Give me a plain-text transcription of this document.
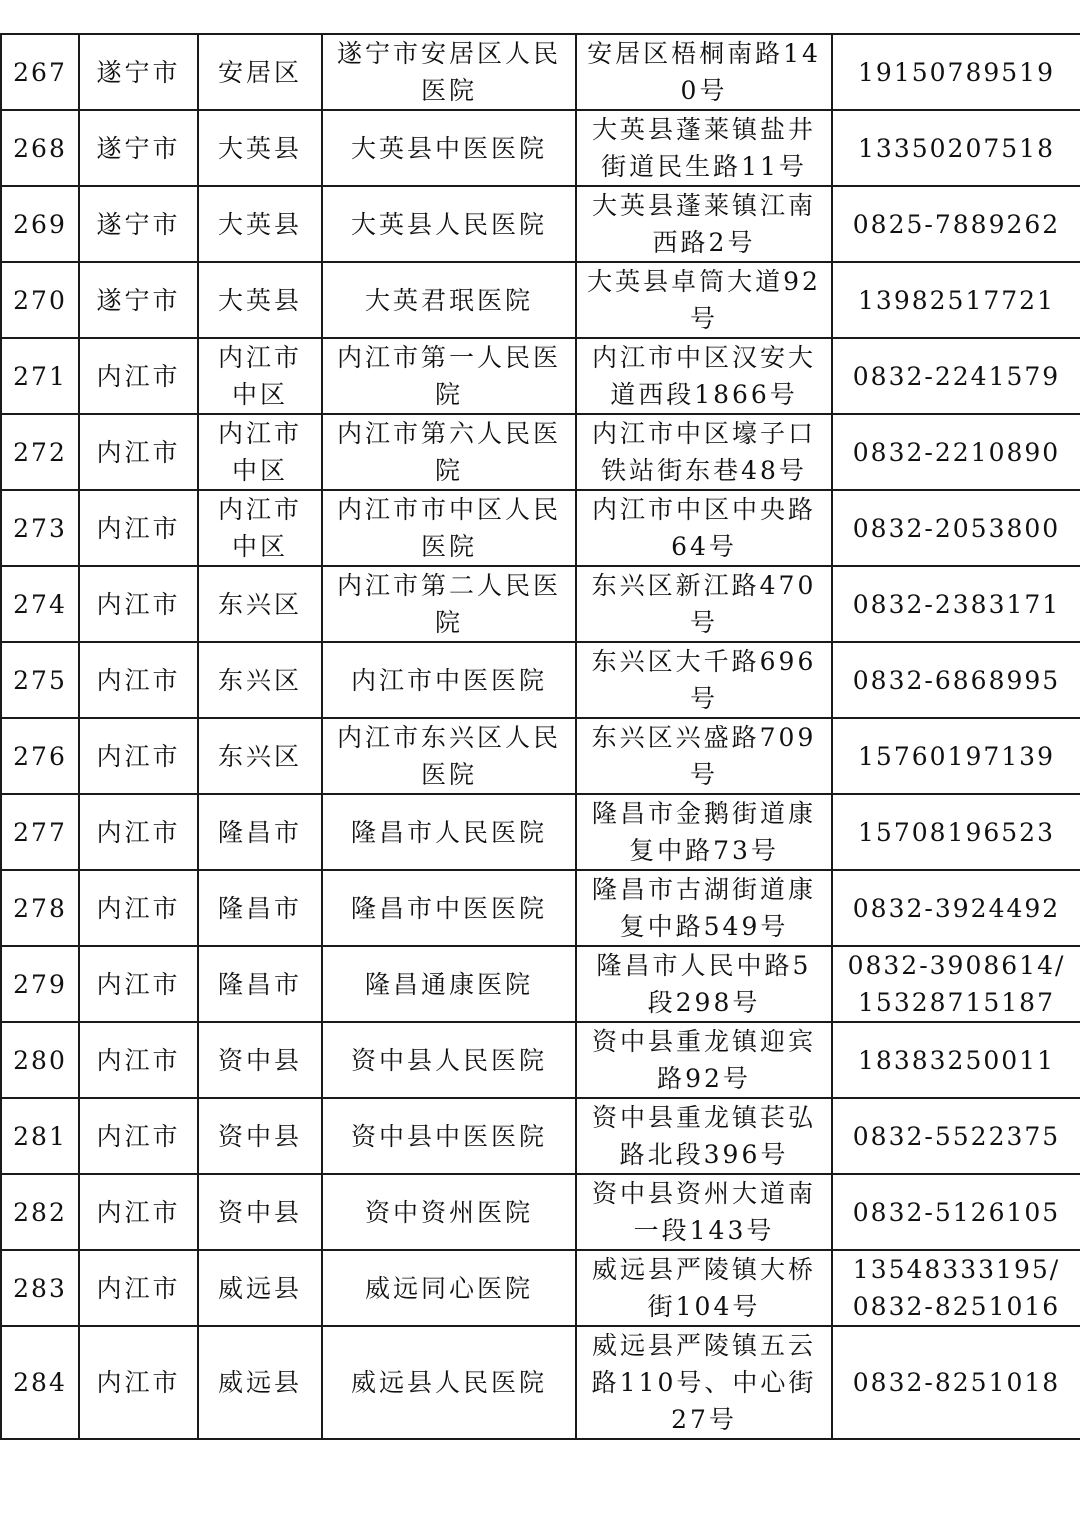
267	遂宁市	安居区	遂宁市安居区人民医院	安居区梧桐南路140号	19150789519
268	遂宁市	大英县	大英县中医医院	大英县蓬莱镇盐井街道民生路11号	13350207518
269	遂宁市	大英县	大英县人民医院	大英县蓬莱镇江南西路2号	0825-7889262
270	遂宁市	大英县	大英君珉医院	大英县卓筒大道92号	13982517721
271	内江市	内江市中区	内江市第一人民医院	内江市中区汉安大道西段1866号	0832-2241579
272	内江市	内江市中区	内江市第六人民医院	内江市中区壕子口铁站街东巷48号	0832-2210890
273	内江市	内江市中区	内江市市中区人民医院	内江市中区中央路64号	0832-2053800
274	内江市	东兴区	内江市第二人民医院	东兴区新江路470号	0832-2383171
275	内江市	东兴区	内江市中医医院	东兴区大千路696号	0832-6868995
276	内江市	东兴区	内江市东兴区人民医院	东兴区兴盛路709号	15760197139
277	内江市	隆昌市	隆昌市人民医院	隆昌市金鹅街道康复中路73号	15708196523
278	内江市	隆昌市	隆昌市中医医院	隆昌市古湖街道康复中路549号	0832-3924492
279	内江市	隆昌市	隆昌通康医院	隆昌市人民中路5段298号	0832-3908614/15328715187
280	内江市	资中县	资中县人民医院	资中县重龙镇迎宾路92号	18383250011
281	内江市	资中县	资中县中医医院	资中县重龙镇苌弘路北段396号	0832-5522375
282	内江市	资中县	资中资州医院	资中县资州大道南一段143号	0832-5126105
283	内江市	威远县	威远同心医院	威远县严陵镇大桥街104号	13548333195/0832-8251016
284	内江市	威远县	威远县人民医院	威远县严陵镇五云路110号、中心街27号	0832-8251018
